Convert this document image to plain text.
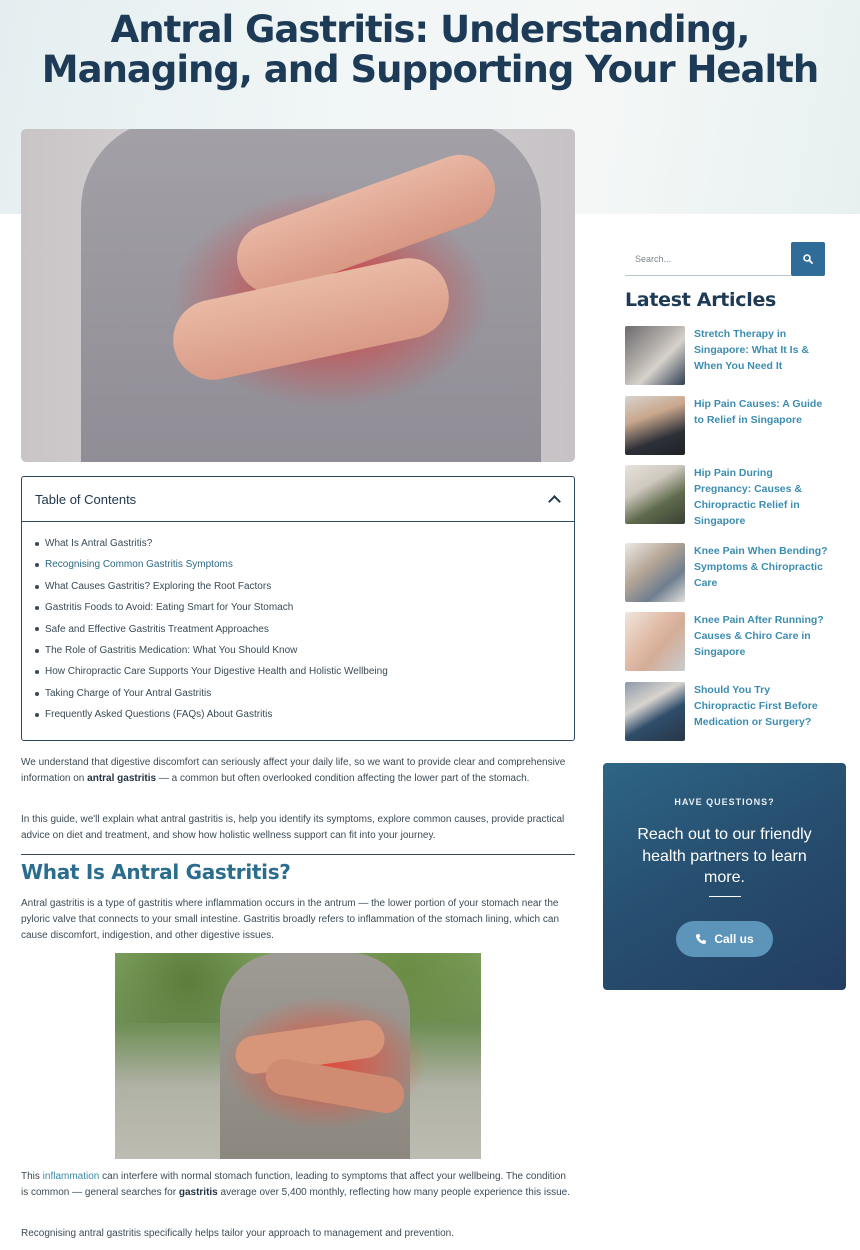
Antral Gastritis: Understanding, Managing, and Supporting Your Health
Table of Contents
What Is Antral Gastritis?
Recognising Common Gastritis Symptoms
What Causes Gastritis? Exploring the Root Factors
Gastritis Foods to Avoid: Eating Smart for Your Stomach
Safe and Effective Gastritis Treatment Approaches
The Role of Gastritis Medication: What You Should Know
How Chiropractic Care Supports Your Digestive Health and Holistic Wellbeing
Taking Charge of Your Antral Gastritis
Frequently Asked Questions (FAQs) About Gastritis

We understand that digestive discomfort can seriously affect your daily life, so we want to provide clear and comprehensive information on antral gastritis — a common but often overlooked condition affecting the lower part of the stomach.

In this guide, we'll explain what antral gastritis is, help you identify its symptoms, explore common causes, provide practical advice on diet and treatment, and show how holistic wellness support can fit into your journey.

What Is Antral Gastritis?

Antral gastritis is a type of gastritis where inflammation occurs in the antrum — the lower portion of your stomach near the pyloric valve that connects to your small intestine. Gastritis broadly refers to inflammation of the stomach lining, which can cause discomfort, indigestion, and other digestive issues.

This inflammation can interfere with normal stomach function, leading to symptoms that affect your wellbeing. The condition is common — general searches for gastritis average over 5,400 monthly, reflecting how many people experience this issue.

Recognising antral gastritis specifically helps tailor your approach to management and prevention.

Search...
Latest Articles
Stretch Therapy in Singapore: What It Is & When You Need It
Hip Pain Causes: A Guide to Relief in Singapore
Hip Pain During Pregnancy: Causes & Chiropractic Relief in Singapore
Knee Pain When Bending? Symptoms & Chiropractic Care
Knee Pain After Running? Causes & Chiro Care in Singapore
Should You Try Chiropractic First Before Medication or Surgery?
HAVE QUESTIONS?
Reach out to our friendly health partners to learn more.
Call us
